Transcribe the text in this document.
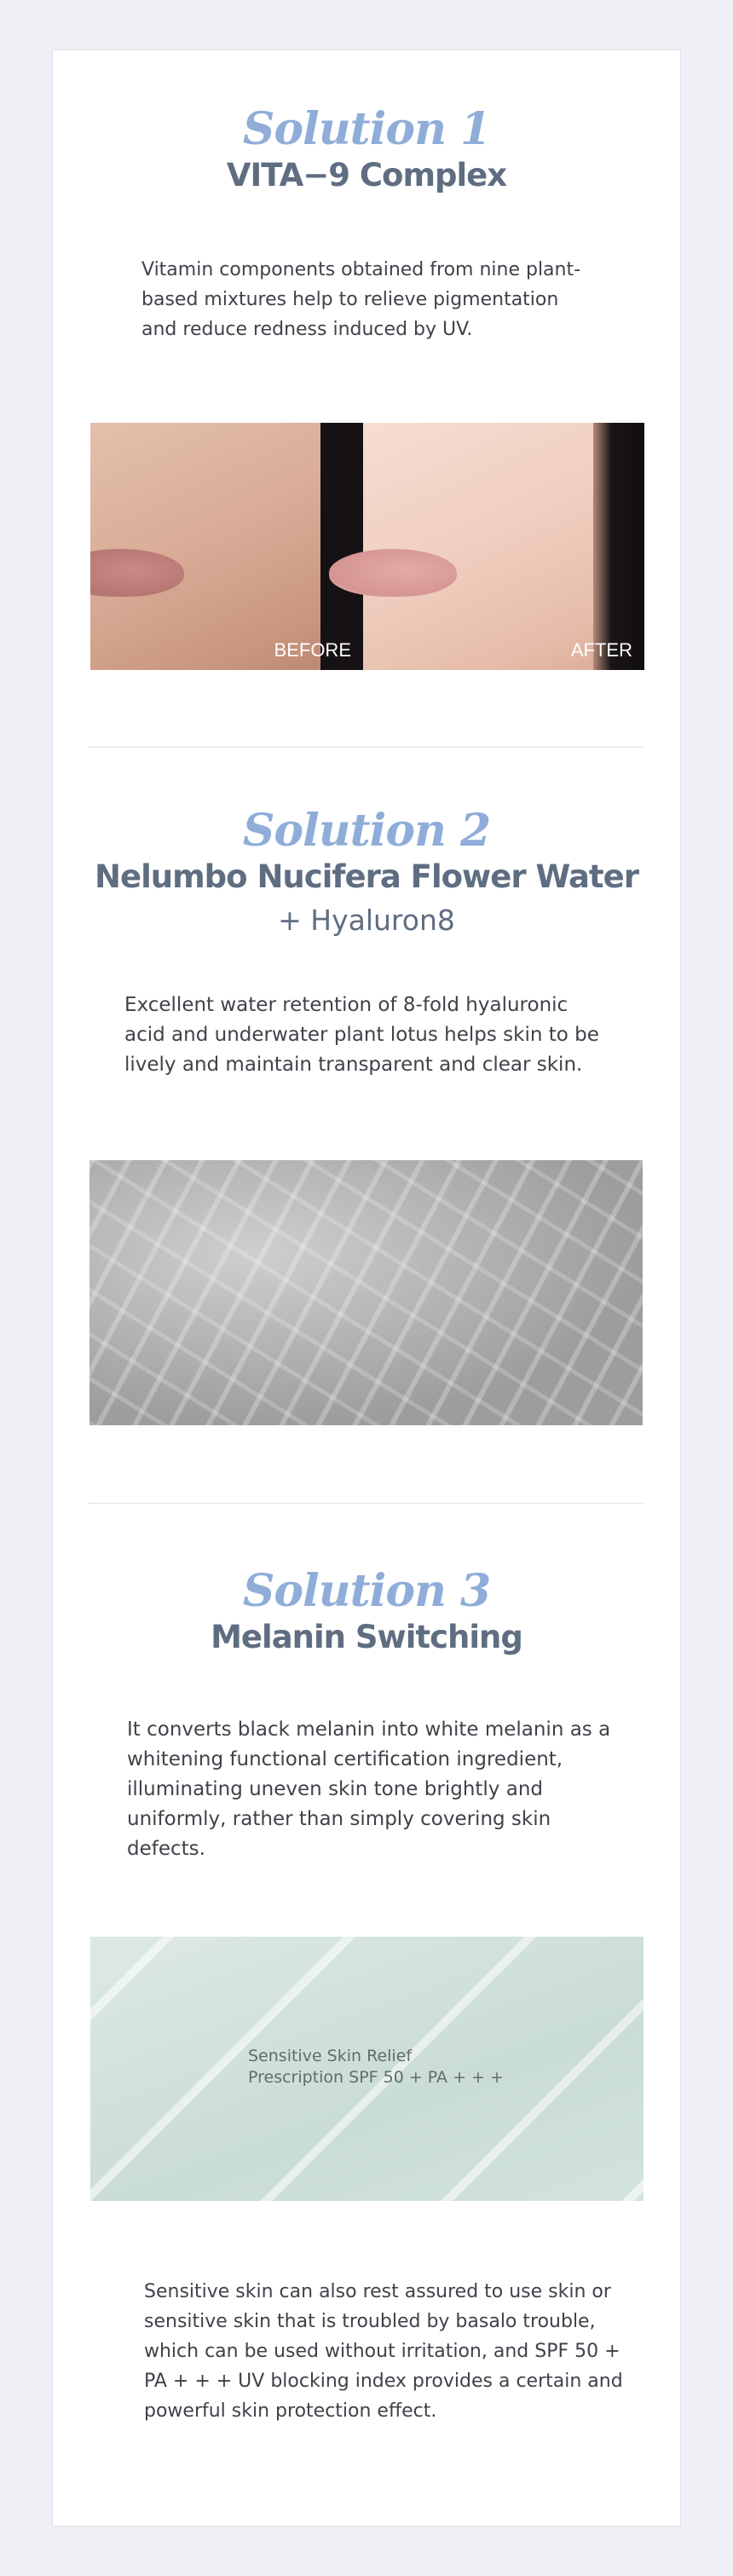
Solution 1
VITA−9 Complex
Vitamin components obtained from nine plant-
based mixtures help to relieve pigmentation
and reduce redness induced by UV.
BEFORE	AFTER
Solution 2
Nelumbo Nucifera Flower Water
+ Hyaluron8
Excellent water retention of 8-fold hyaluronic
acid and underwater plant lotus helps skin to be
lively and maintain transparent and clear skin.
Solution 3
Melanin Switching
It converts black melanin into white melanin as a
whitening functional certification ingredient,
illuminating uneven skin tone brightly and
uniformly, rather than simply covering skin
defects.
Sensitive Skin Relief
Prescription SPF 50 + PA + + +
Sensitive skin can also rest assured to use skin or
sensitive skin that is troubled by basalo trouble,
which can be used without irritation, and SPF 50 +
PA + + + UV blocking index provides a certain and
powerful skin protection effect.
